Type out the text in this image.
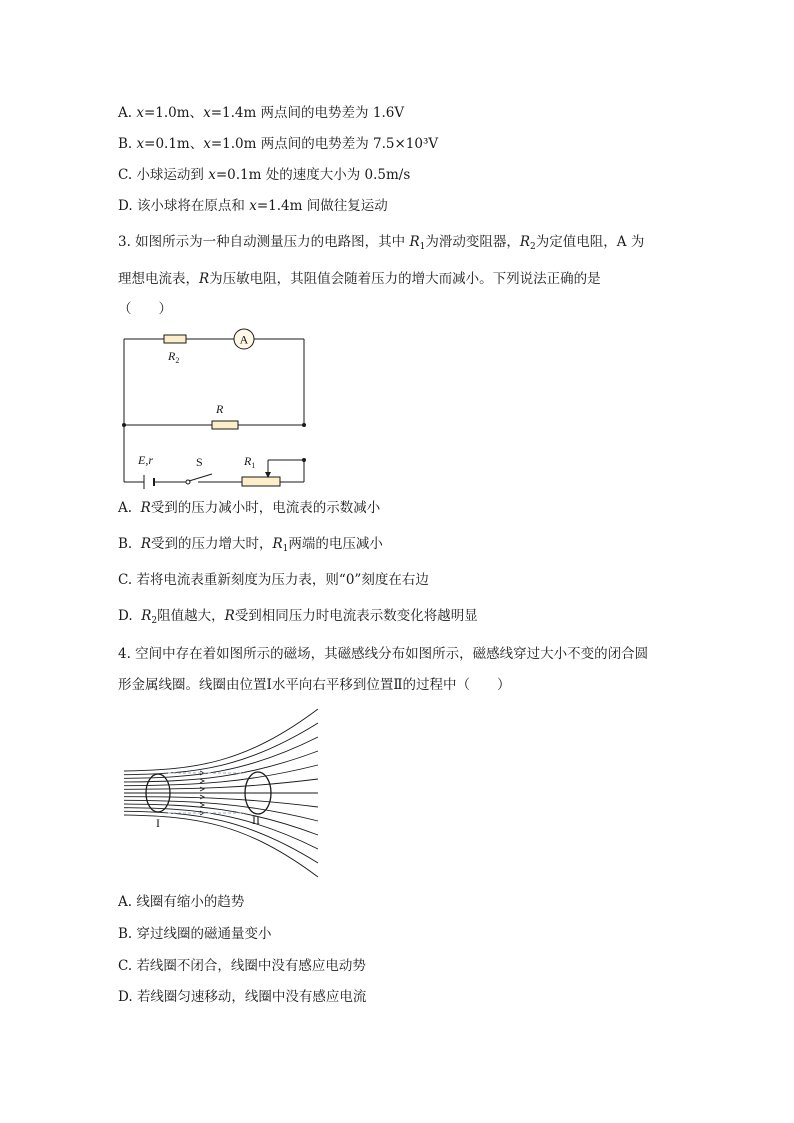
A. x=1.0m、x=1.4m 两点间的电势差为 1.6V
B. x=0.1m、x=1.0m 两点间的电势差为 7.5×10³V
C. 小球运动到 x=0.1m 处的速度大小为 0.5m/s
D. 该小球将在原点和 x=1.4m 间做往复运动
3. 如图所示为一种自动测量压力的电路图，其中 $R_1$为滑动变阻器，$R_2$为定值电阻，A 为
理想电流表，R为压敏电阻，其阻值会随着压力的增大而减小。下列说法正确的是
（　　）
A
$R_2$
R
E,r	S	$R_1$
A. R受到的压力减小时，电流表的示数减小
B. R受到的压力增大时，$R_1$两端的电压减小
C. 若将电流表重新刻度为压力表，则“0”刻度在右边
D. $R_2$阻值越大，R受到相同压力时电流表示数变化将越明显
4. 空间中存在着如图所示的磁场，其磁感线分布如图所示，磁感线穿过大小不变的闭合圆
形金属线圈。线圈由位置Ⅰ水平向右平移到位置Ⅱ的过程中（　　）
I	II
A. 线圈有缩小的趋势
B. 穿过线圈的磁通量变小
C. 若线圈不闭合，线圈中没有感应电动势
D. 若线圈匀速移动，线圈中没有感应电流
